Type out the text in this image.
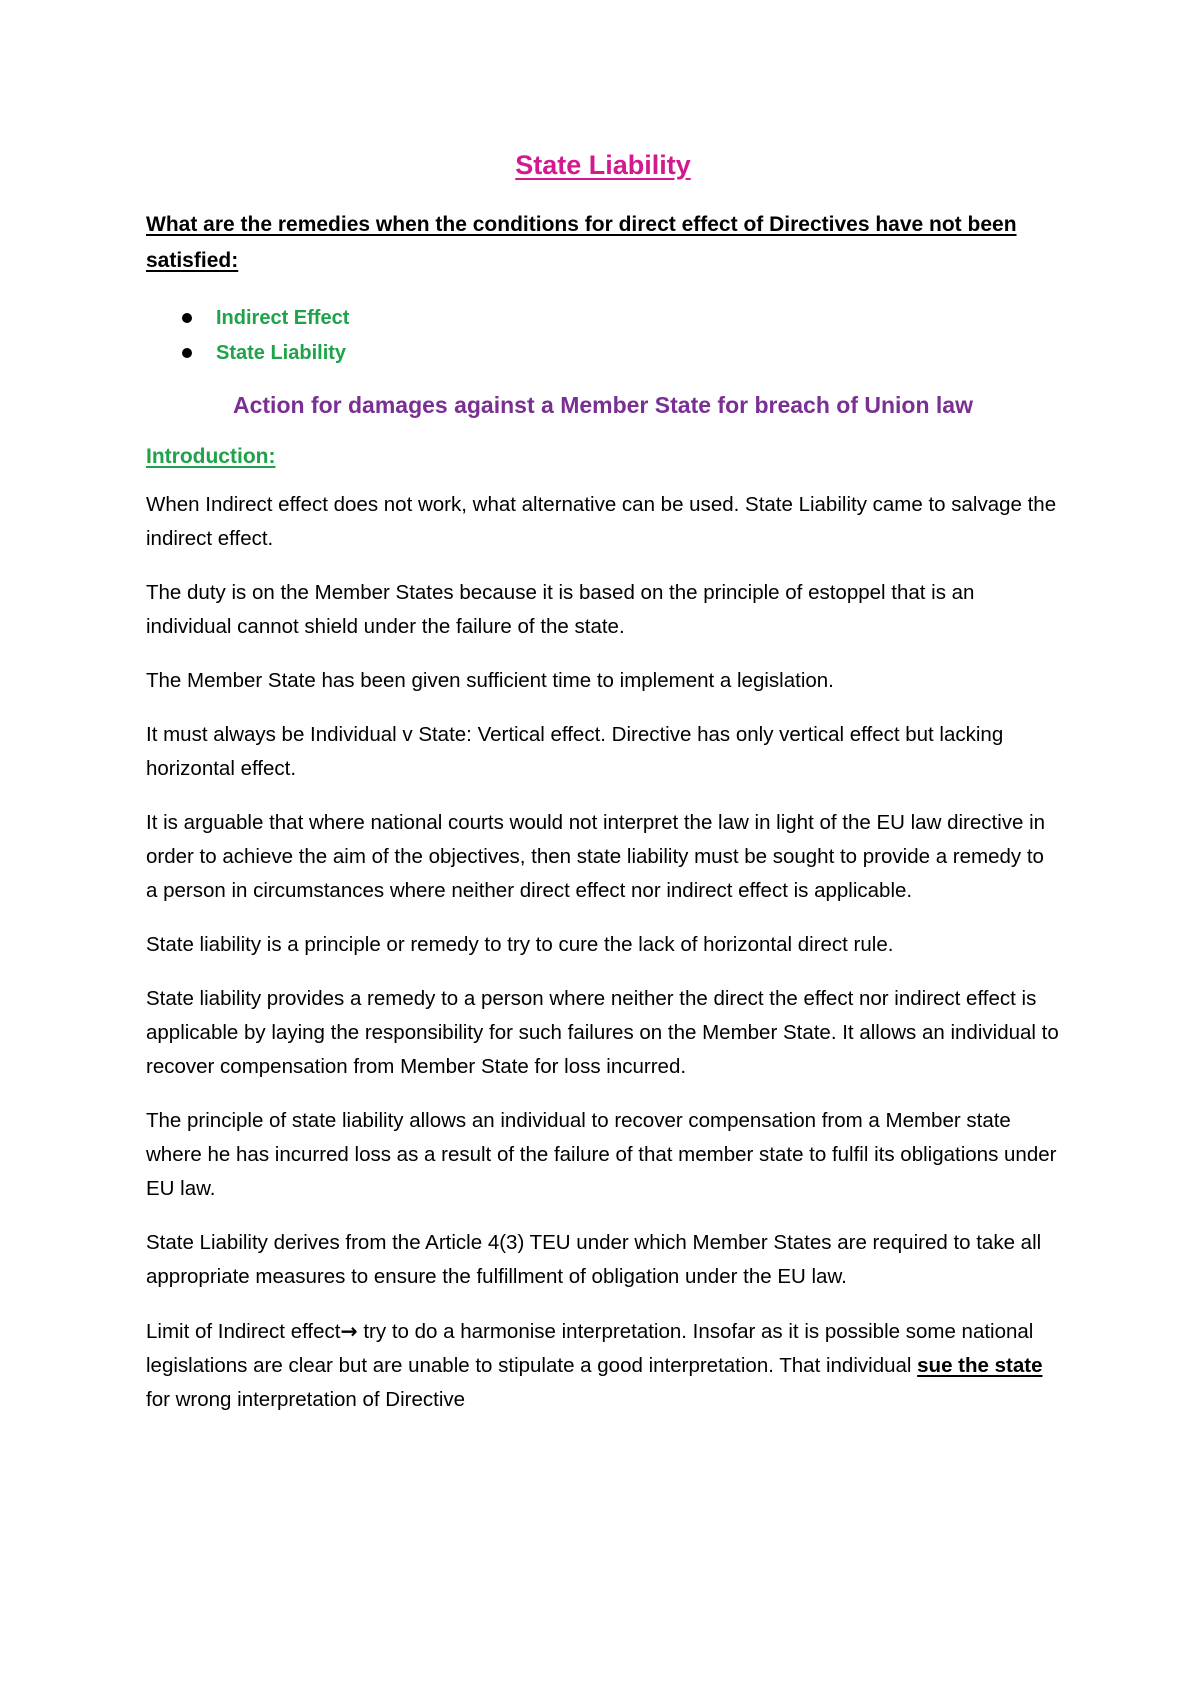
State Liability

What are the remedies when the conditions for direct effect of Directives have not been satisfied:

Indirect Effect
State Liability
Action for damages against a Member State for breach of Union law

Introduction:

When Indirect effect does not work, what alternative can be used. State Liability came to salvage the indirect effect.

The duty is on the Member States because it is based on the principle of estoppel that is an individual cannot shield under the failure of the state.

The Member State has been given sufficient time to implement a legislation.

It must always be Individual v State: Vertical effect. Directive has only vertical effect but lacking horizontal effect.

It is arguable that where national courts would not interpret the law in light of the EU law directive in order to achieve the aim of the objectives, then state liability must be sought to provide a remedy to a person in circumstances where neither direct effect nor indirect effect is applicable.

State liability is a principle or remedy to try to cure the lack of horizontal direct rule.

State liability provides a remedy to a person where neither the direct the effect nor indirect effect is applicable by laying the responsibility for such failures on the Member State. It allows an individual to recover compensation from Member State for loss incurred.

The principle of state liability allows an individual to recover compensation from a Member state where he has incurred loss as a result of the failure of that member state to fulfil its obligations under EU law.

State Liability derives from the Article 4(3) TEU under which Member States are required to take all appropriate measures to ensure the fulfillment of obligation under the EU law.

Limit of Indirect effect→ try to do a harmonise interpretation. Insofar as it is possible some national legislations are clear but are unable to stipulate a good interpretation. That individual sue the state for wrong interpretation of Directive
